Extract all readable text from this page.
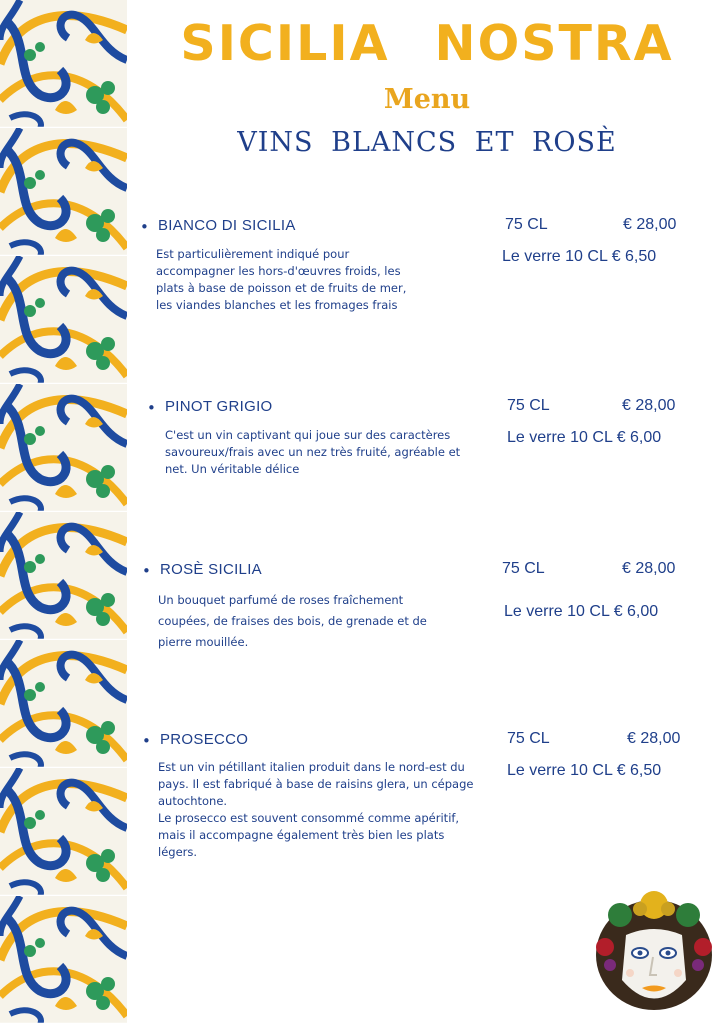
SICILIA NOSTRA
Menu
VINS BLANCS ET ROSÈ
• BIANCO DI SICILIA

Est particulièrement indiqué pour
accompagner les hors-d'œuvres froids, les
plats à base de poisson et de fruits de mer,
les viandes blanches et les fromages frais

75 CL	€ 28,00
Le verre 10 CL € 6,50
• PINOT GRIGIO

C'est un vin captivant qui joue sur des caractères
savoureux/frais avec un nez très fruité, agréable et
net. Un véritable délice

75 CL	€ 28,00
Le verre 10 CL € 6,00
• ROSÈ SICILIA

Un bouquet parfumé de roses fraîchement
coupées, de fraises des bois, de grenade et de
pierre mouillée.

75 CL	€ 28,00
Le verre 10 CL € 6,00
• PROSECCO

Est un vin pétillant italien produit dans le nord-est du
pays. Il est fabriqué à base de raisins glera, un cépage
autochtone.
Le prosecco est souvent consommé comme apéritif,
mais il accompagne également très bien les plats
légers.

75 CL	€ 28,00
Le verre 10 CL € 6,50
